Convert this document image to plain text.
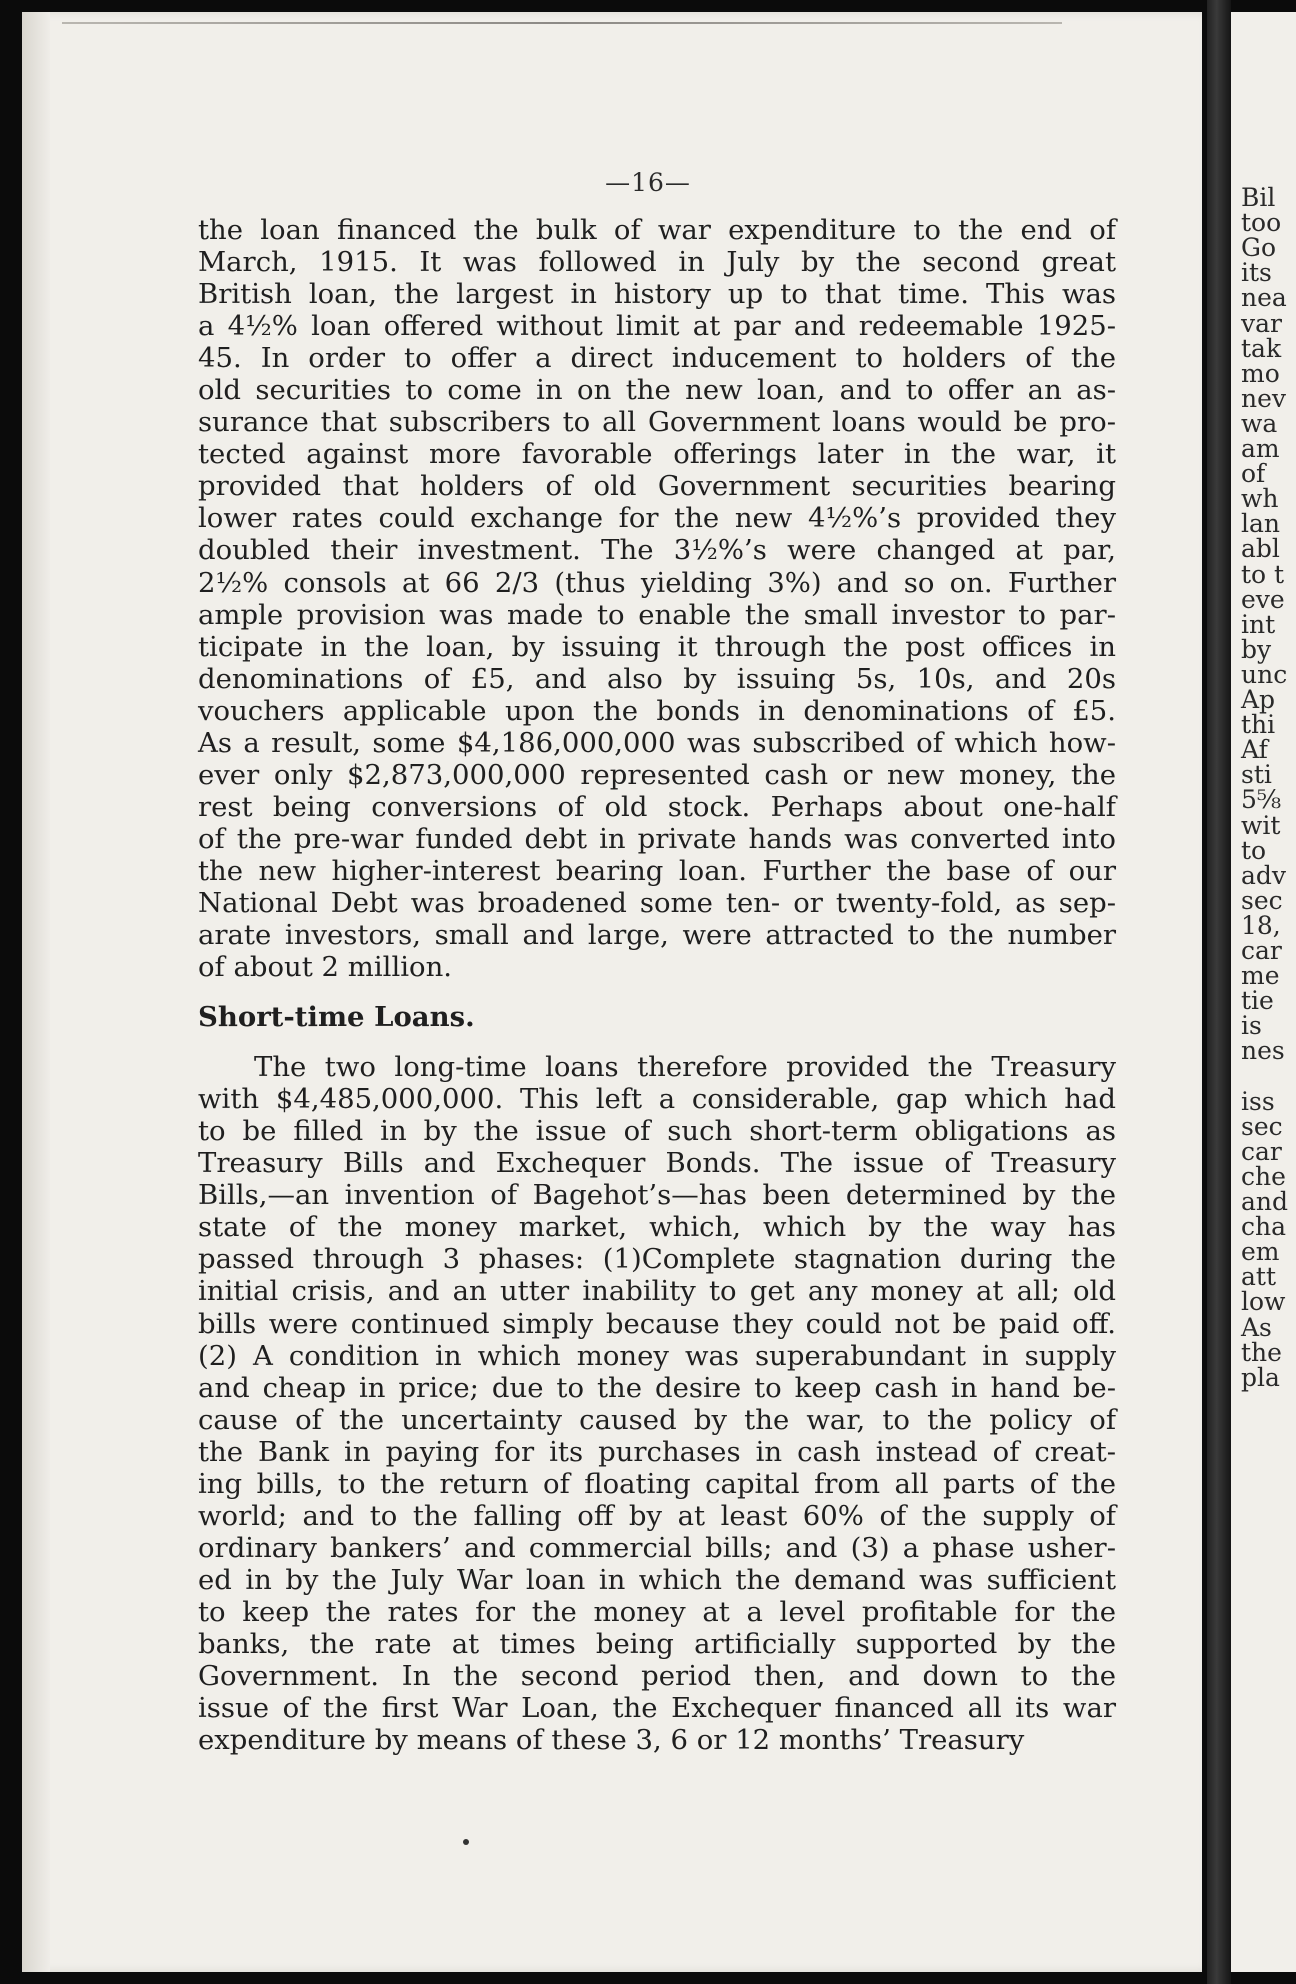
Bil
too
Go
its
nea
var
tak
mo
nev
wa
am
of
wh
lan
abl
to t
eve
int
by
unc
Ap
thi
Af
sti
5⅝
wit
to
adv
sec
18,
car
me
tie
is
nes
iss
sec
car
che
and
cha
em
att
low
As
the
pla
—16—
the loan financed the bulk of war expenditure to the end of
March, 1915. It was followed in July by the second great
British loan, the largest in history up to that time. This was
a 4½% loan offered without limit at par and redeemable 1925-
45. In order to offer a direct inducement to holders of the
old securities to come in on the new loan, and to offer an as-
surance that subscribers to all Government loans would be pro-
tected against more favorable offerings later in the war, it
provided that holders of old Government securities bearing
lower rates could exchange for the new 4½%’s provided they
doubled their investment. The 3½%’s were changed at par,
2½% consols at 66 2/3 (thus yielding 3%) and so on. Further
ample provision was made to enable the small investor to par-
ticipate in the loan, by issuing it through the post offices in
denominations of £5, and also by issuing 5s, 10s, and 20s
vouchers applicable upon the bonds in denominations of £5.
As a result, some $4,186,000,000 was subscribed of which how-
ever only $2,873,000,000 represented cash or new money, the
rest being conversions of old stock. Perhaps about one-half
of the pre-war funded debt in private hands was converted into
the new higher-interest bearing loan. Further the base of our
National Debt was broadened some ten- or twenty-fold, as sep-
arate investors, small and large, were attracted to the number
of about 2 million.
Short-time Loans.
The two long-time loans therefore provided the Treasury
with $4,485,000,000. This left a considerable, gap which had
to be filled in by the issue of such short-term obligations as
Treasury Bills and Exchequer Bonds. The issue of Treasury
Bills,—an invention of Bagehot’s—has been determined by the
state of the money market, which, which by the way has
passed through 3 phases: (1)Complete stagnation during the
initial crisis, and an utter inability to get any money at all; old
bills were continued simply because they could not be paid off.
(2) A condition in which money was superabundant in supply
and cheap in price; due to the desire to keep cash in hand be-
cause of the uncertainty caused by the war, to the policy of
the Bank in paying for its purchases in cash instead of creat-
ing bills, to the return of floating capital from all parts of the
world; and to the falling off by at least 60% of the supply of
ordinary bankers’ and commercial bills; and (3) a phase usher-
ed in by the July War loan in which the demand was sufficient
to keep the rates for the money at a level profitable for the
banks, the rate at times being artificially supported by the
Government. In the second period then, and down to the
issue of the first War Loan, the Exchequer financed all its war
expenditure by means of these 3, 6 or 12 months’ Treasury
